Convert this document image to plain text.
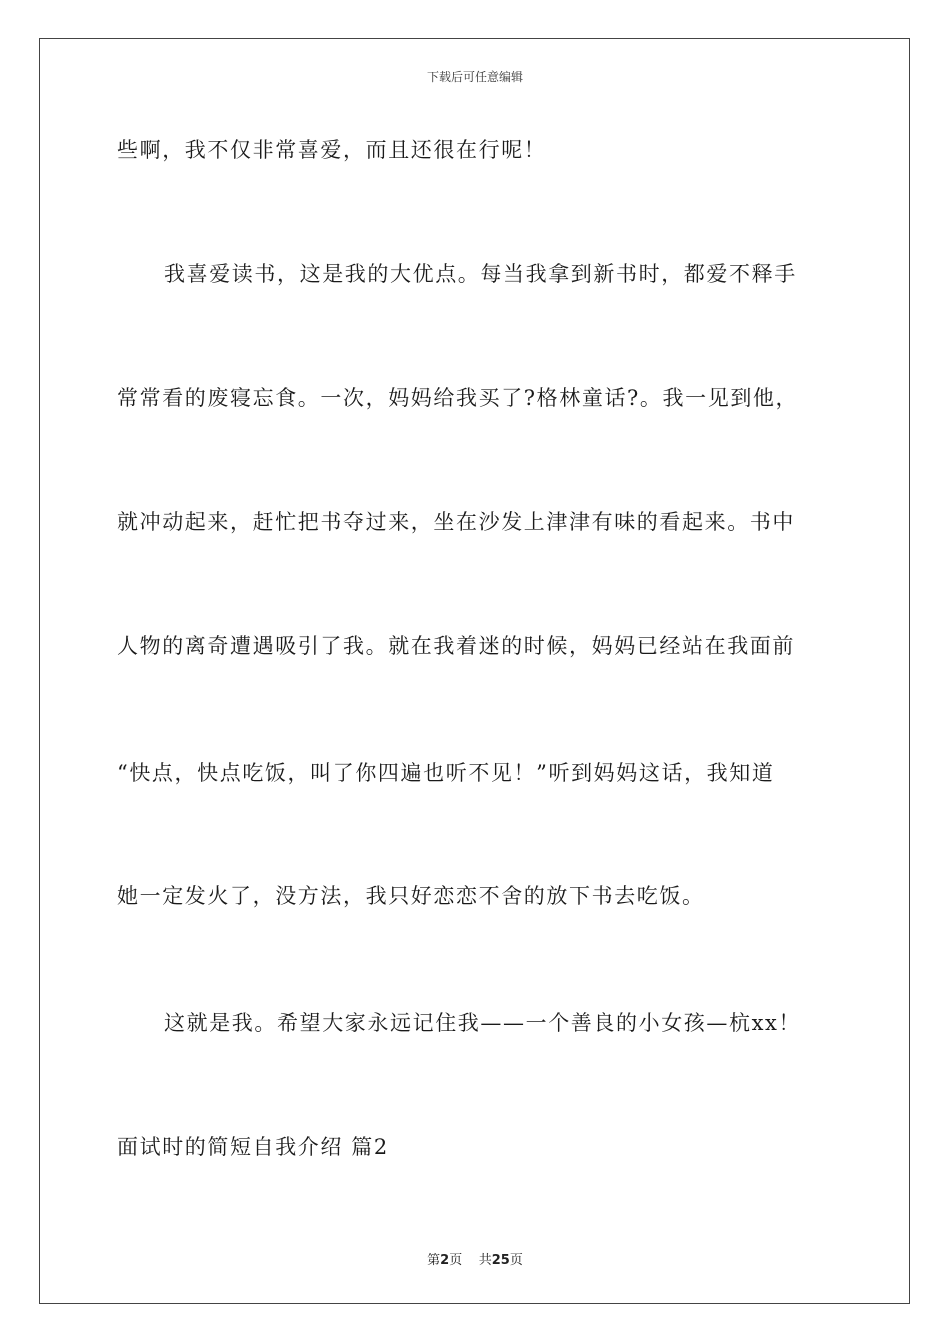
下载后可任意编辑
些啊，我不仅非常喜爱，而且还很在行呢！
我喜爱读书，这是我的大优点。每当我拿到新书时，都爱不释手
常常看的废寝忘食。一次，妈妈给我买了?格林童话?。我一见到他，
就冲动起来，赶忙把书夺过来，坐在沙发上津津有味的看起来。书中
人物的离奇遭遇吸引了我。就在我着迷的时候，妈妈已经站在我面前
“快点，快点吃饭，叫了你四遍也听不见！”听到妈妈这话，我知道
她一定发火了，没方法，我只好恋恋不舍的放下书去吃饭。
这就是我。希望大家永远记住我——一个善良的小女孩—杭xx！
面试时的简短自我介绍 篇2
第2页 共25页
